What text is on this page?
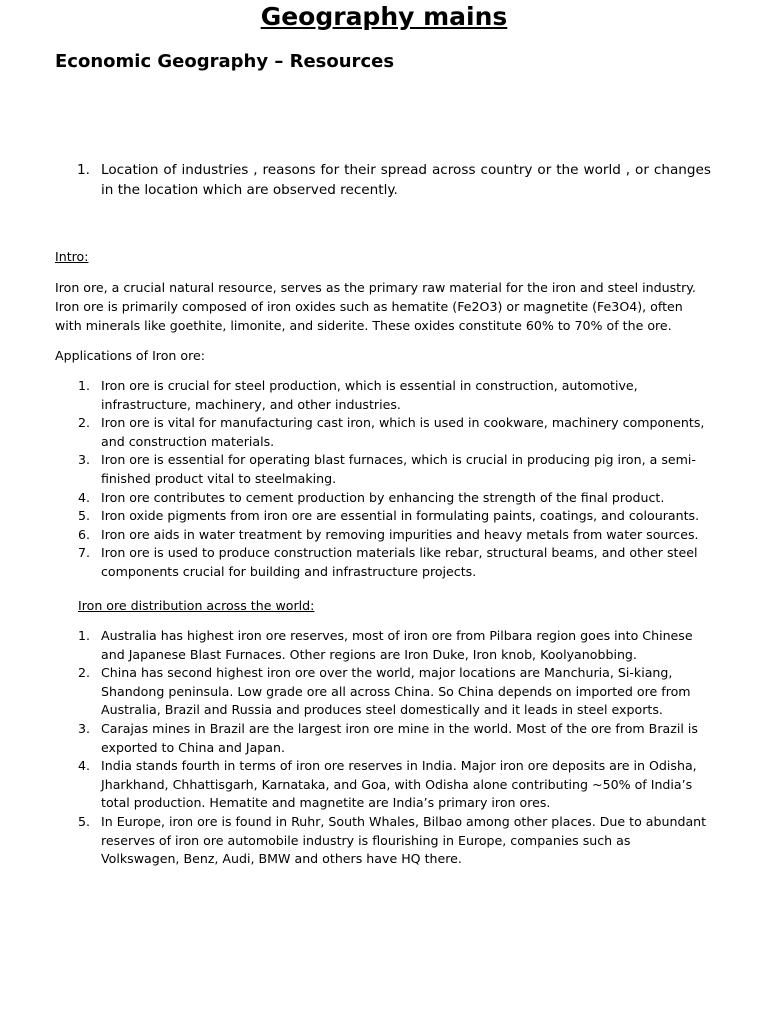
Geography mains
Economic Geography – Resources
1. Location of industries , reasons for their spread across country or the world , or changes in the location which are observed recently.
Intro:
Iron ore, a crucial natural resource, serves as the primary raw material for the iron and steel industry. Iron ore is primarily composed of iron oxides such as hematite (Fe2O3) or magnetite (Fe3O4), often with minerals like goethite, limonite, and siderite. These oxides constitute 60% to 70% of the ore.
Applications of Iron ore:
1. Iron ore is crucial for steel production, which is essential in construction, automotive, infrastructure, machinery, and other industries.
2. Iron ore is vital for manufacturing cast iron, which is used in cookware, machinery components, and construction materials.
3. Iron ore is essential for operating blast furnaces, which is crucial in producing pig iron, a semi-finished product vital to steelmaking.
4. Iron ore contributes to cement production by enhancing the strength of the final product.
5. Iron oxide pigments from iron ore are essential in formulating paints, coatings, and colourants.
6. Iron ore aids in water treatment by removing impurities and heavy metals from water sources.
7. Iron ore is used to produce construction materials like rebar, structural beams, and other steel components crucial for building and infrastructure projects.
Iron ore distribution across the world:
1. Australia has highest iron ore reserves, most of iron ore from Pilbara region goes into Chinese and Japanese Blast Furnaces. Other regions are Iron Duke, Iron knob, Koolyanobbing.
2. China has second highest iron ore over the world, major locations are Manchuria, Si-kiang, Shandong peninsula. Low grade ore all across China. So China depends on imported ore from Australia, Brazil and Russia and produces steel domestically and it leads in steel exports.
3. Carajas mines in Brazil are the largest iron ore mine in the world. Most of the ore from Brazil is exported to China and Japan.
4. India stands fourth in terms of iron ore reserves in India. Major iron ore deposits are in Odisha, Jharkhand, Chhattisgarh, Karnataka, and Goa, with Odisha alone contributing ~50% of India’s total production. Hematite and magnetite are India’s primary iron ores.
5. In Europe, iron ore is found in Ruhr, South Whales, Bilbao among other places. Due to abundant reserves of iron ore automobile industry is flourishing in Europe, companies such as Volkswagen, Benz, Audi, BMW and others have HQ there.
